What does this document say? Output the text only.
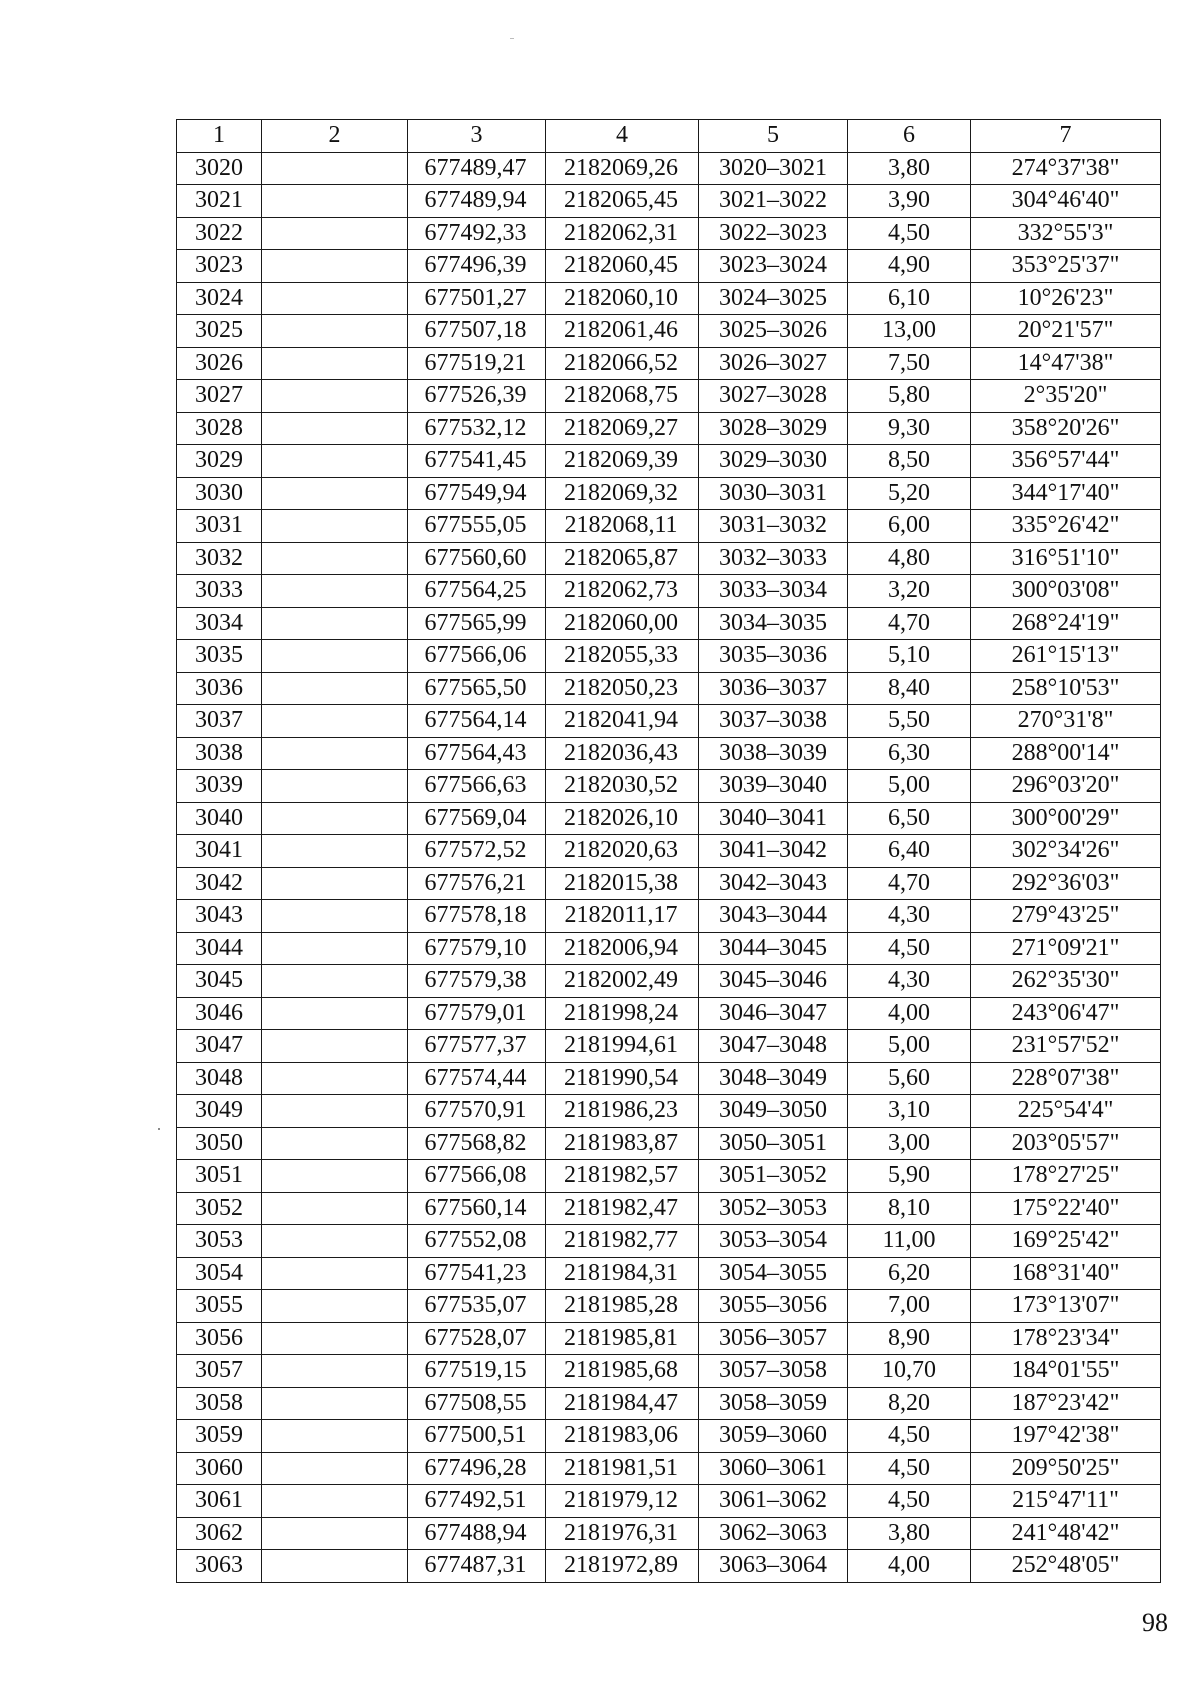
1	2	3	4	5	6	7
3020		677489,47	2182069,26	3020–3021	3,80	274°37'38"
3021		677489,94	2182065,45	3021–3022	3,90	304°46'40"
3022		677492,33	2182062,31	3022–3023	4,50	332°55'3"
3023		677496,39	2182060,45	3023–3024	4,90	353°25'37"
3024		677501,27	2182060,10	3024–3025	6,10	10°26'23"
3025		677507,18	2182061,46	3025–3026	13,00	20°21'57"
3026		677519,21	2182066,52	3026–3027	7,50	14°47'38"
3027		677526,39	2182068,75	3027–3028	5,80	2°35'20"
3028		677532,12	2182069,27	3028–3029	9,30	358°20'26"
3029		677541,45	2182069,39	3029–3030	8,50	356°57'44"
3030		677549,94	2182069,32	3030–3031	5,20	344°17'40"
3031		677555,05	2182068,11	3031–3032	6,00	335°26'42"
3032		677560,60	2182065,87	3032–3033	4,80	316°51'10"
3033		677564,25	2182062,73	3033–3034	3,20	300°03'08"
3034		677565,99	2182060,00	3034–3035	4,70	268°24'19"
3035		677566,06	2182055,33	3035–3036	5,10	261°15'13"
3036		677565,50	2182050,23	3036–3037	8,40	258°10'53"
3037		677564,14	2182041,94	3037–3038	5,50	270°31'8"
3038		677564,43	2182036,43	3038–3039	6,30	288°00'14"
3039		677566,63	2182030,52	3039–3040	5,00	296°03'20"
3040		677569,04	2182026,10	3040–3041	6,50	300°00'29"
3041		677572,52	2182020,63	3041–3042	6,40	302°34'26"
3042		677576,21	2182015,38	3042–3043	4,70	292°36'03"
3043		677578,18	2182011,17	3043–3044	4,30	279°43'25"
3044		677579,10	2182006,94	3044–3045	4,50	271°09'21"
3045		677579,38	2182002,49	3045–3046	4,30	262°35'30"
3046		677579,01	2181998,24	3046–3047	4,00	243°06'47"
3047		677577,37	2181994,61	3047–3048	5,00	231°57'52"
3048		677574,44	2181990,54	3048–3049	5,60	228°07'38"
3049		677570,91	2181986,23	3049–3050	3,10	225°54'4"
3050		677568,82	2181983,87	3050–3051	3,00	203°05'57"
3051		677566,08	2181982,57	3051–3052	5,90	178°27'25"
3052		677560,14	2181982,47	3052–3053	8,10	175°22'40"
3053		677552,08	2181982,77	3053–3054	11,00	169°25'42"
3054		677541,23	2181984,31	3054–3055	6,20	168°31'40"
3055		677535,07	2181985,28	3055–3056	7,00	173°13'07"
3056		677528,07	2181985,81	3056–3057	8,90	178°23'34"
3057		677519,15	2181985,68	3057–3058	10,70	184°01'55"
3058		677508,55	2181984,47	3058–3059	8,20	187°23'42"
3059		677500,51	2181983,06	3059–3060	4,50	197°42'38"
3060		677496,28	2181981,51	3060–3061	4,50	209°50'25"
3061		677492,51	2181979,12	3061–3062	4,50	215°47'11"
3062		677488,94	2181976,31	3062–3063	3,80	241°48'42"
3063		677487,31	2181972,89	3063–3064	4,00	252°48'05"
98
